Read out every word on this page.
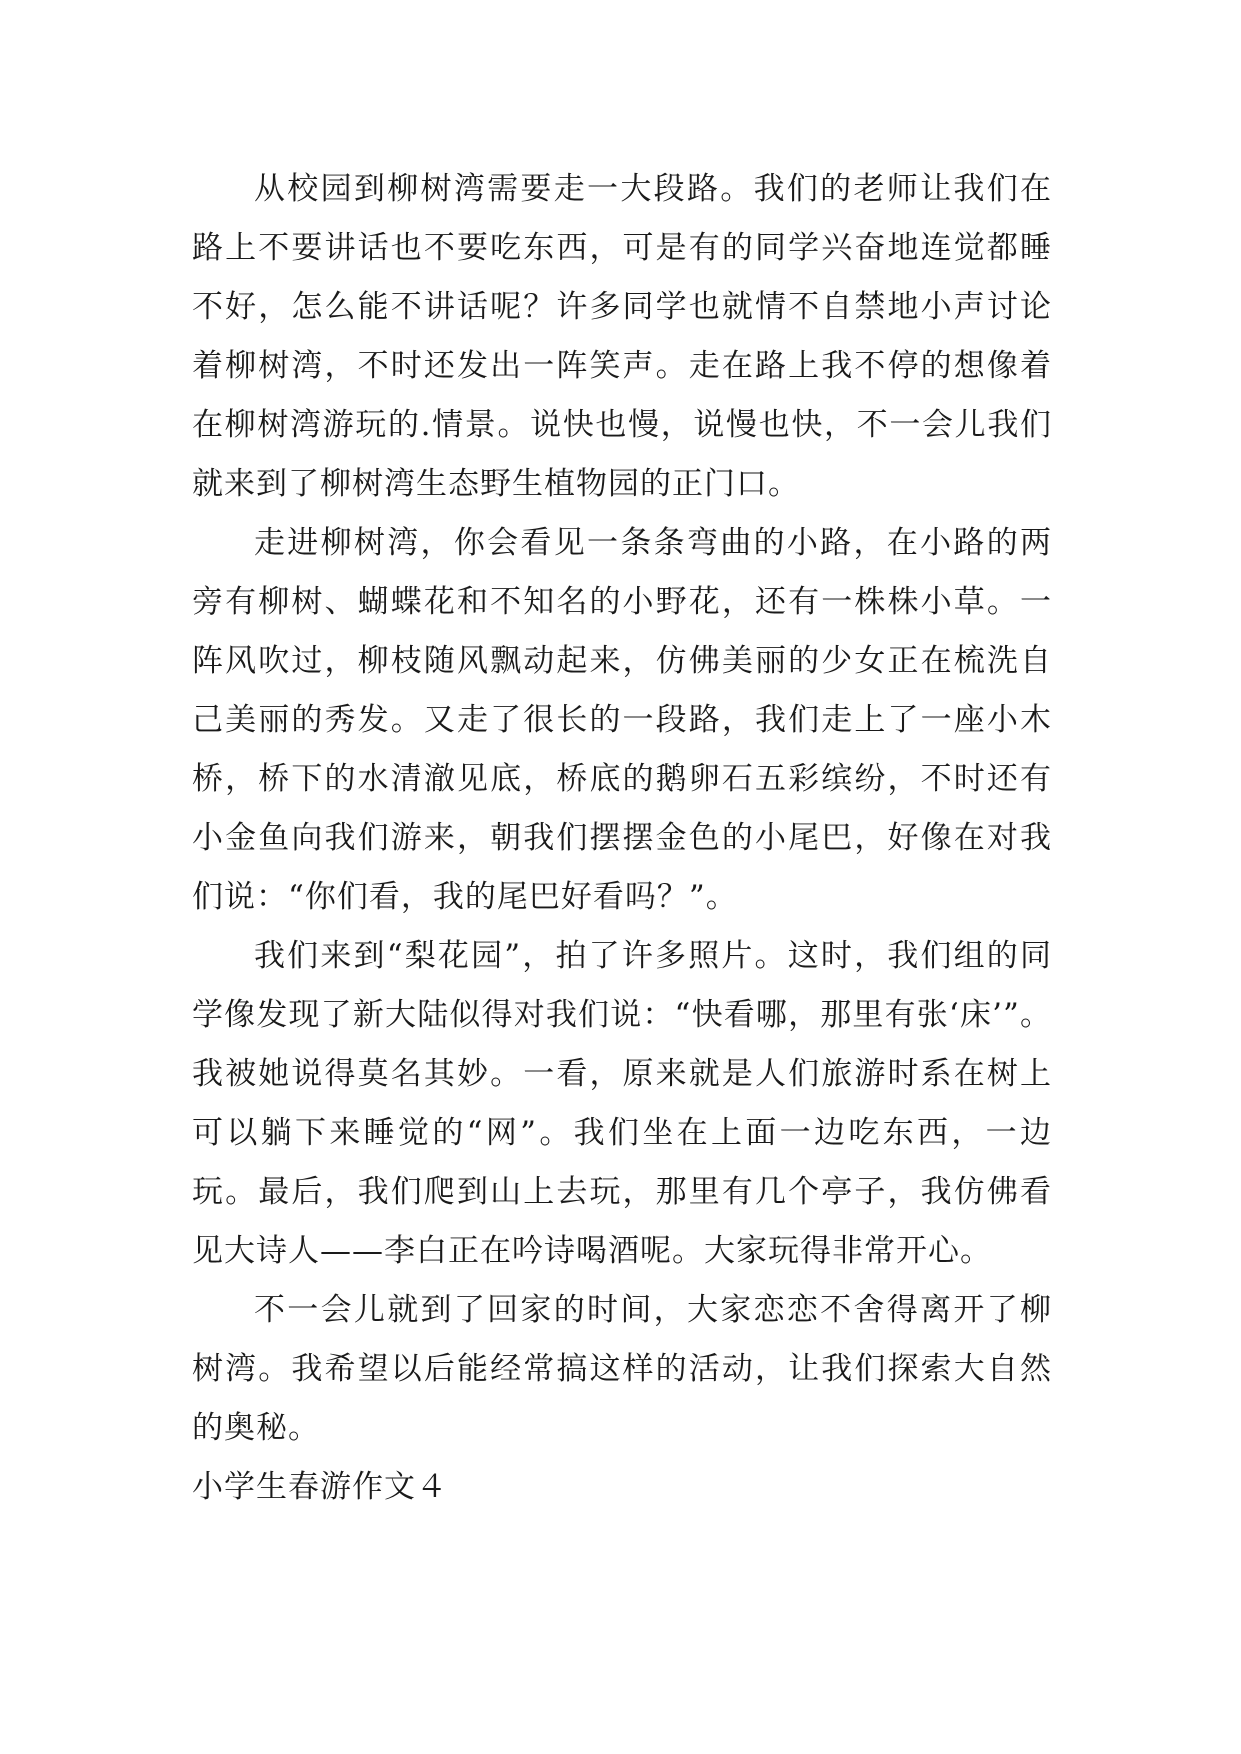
从校园到柳树湾需要走一大段路。我们的老师让我们在路上不要讲话也不要吃东西，可是有的同学兴奋地连觉都睡不好，怎么能不讲话呢？许多同学也就情不自禁地小声讨论着柳树湾，不时还发出一阵笑声。走在路上我不停的想像着在柳树湾游玩的.情景。说快也慢，说慢也快，不一会儿我们就来到了柳树湾生态野生植物园的正门口。

走进柳树湾，你会看见一条条弯曲的小路，在小路的两旁有柳树、蝴蝶花和不知名的小野花，还有一株株小草。一阵风吹过，柳枝随风飘动起来，仿佛美丽的少女正在梳洗自己美丽的秀发。又走了很长的一段路，我们走上了一座小木桥，桥下的水清澈见底，桥底的鹅卵石五彩缤纷，不时还有小金鱼向我们游来，朝我们摆摆金色的小尾巴，好像在对我们说：“你们看，我的尾巴好看吗？”。

我们来到“梨花园”，拍了许多照片。这时，我们组的同学像发现了新大陆似得对我们说：“快看哪，那里有张‘床’”。我被她说得莫名其妙。一看，原来就是人们旅游时系在树上可以躺下来睡觉的“网”。我们坐在上面一边吃东西，一边玩。最后，我们爬到山上去玩，那里有几个亭子，我仿佛看见大诗人——李白正在吟诗喝酒呢。大家玩得非常开心。

不一会儿就到了回家的时间，大家恋恋不舍得离开了柳树湾。我希望以后能经常搞这样的活动，让我们探索大自然的奥秘。

小学生春游作文４
